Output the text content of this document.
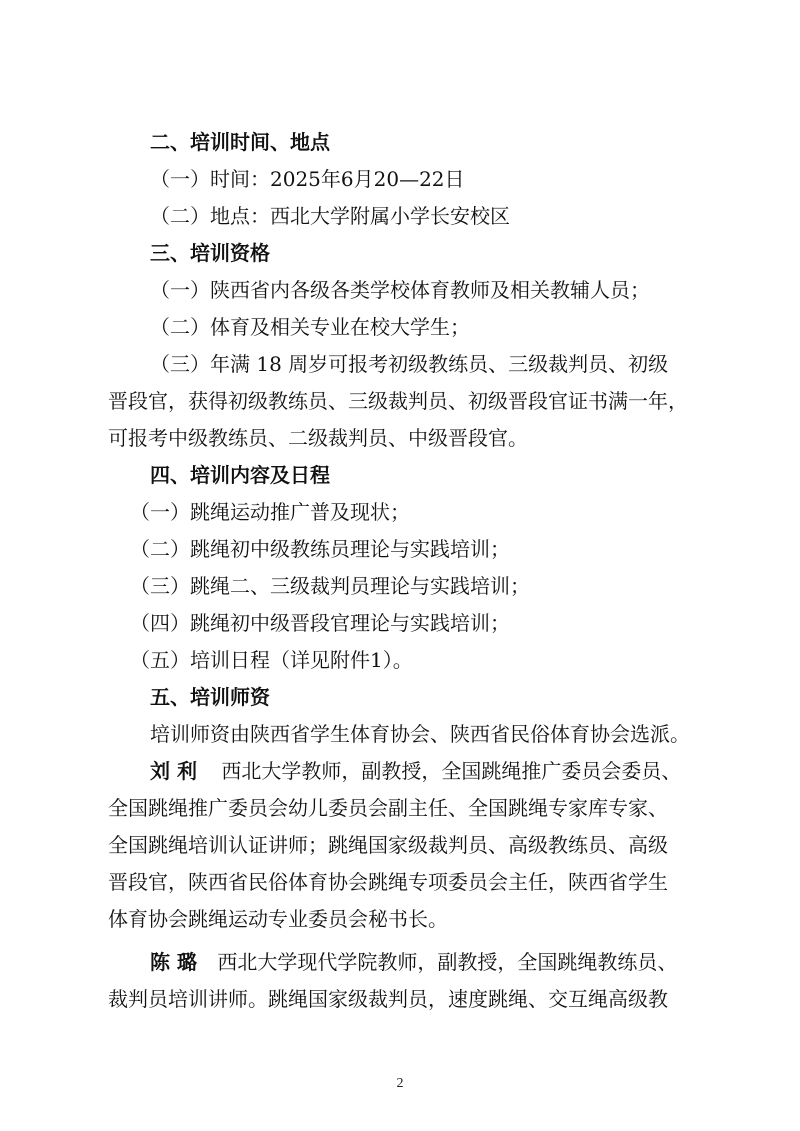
二、培训时间、地点
（一）时间：2025年6月20—22日
（二）地点：西北大学附属小学长安校区
三、培训资格
（一）陕西省内各级各类学校体育教师及相关教辅人员；
（二）体育及相关专业在校大学生；
（三）年满 18 周岁可报考初级教练员、三级裁判员、初级
晋段官，获得初级教练员、三级裁判员、初级晋段官证书满一年，
可报考中级教练员、二级裁判员、中级晋段官。
四、培训内容及日程
（一）跳绳运动推广普及现状；
（二）跳绳初中级教练员理论与实践培训；
（三）跳绳二、三级裁判员理论与实践培训；
（四）跳绳初中级晋段官理论与实践培训；
（五）培训日程（详见附件1）。
五、培训师资
培训师资由陕西省学生体育协会、陕西省民俗体育协会选派。
刘 利 西北大学教师，副教授，全国跳绳推广委员会委员、
全国跳绳推广委员会幼儿委员会副主任、全国跳绳专家库专家、
全国跳绳培训认证讲师；跳绳国家级裁判员、高级教练员、高级
晋段官，陕西省民俗体育协会跳绳专项委员会主任，陕西省学生
体育协会跳绳运动专业委员会秘书长。
陈 璐 西北大学现代学院教师，副教授，全国跳绳教练员、
裁判员培训讲师。跳绳国家级裁判员，速度跳绳、交互绳高级教
2
